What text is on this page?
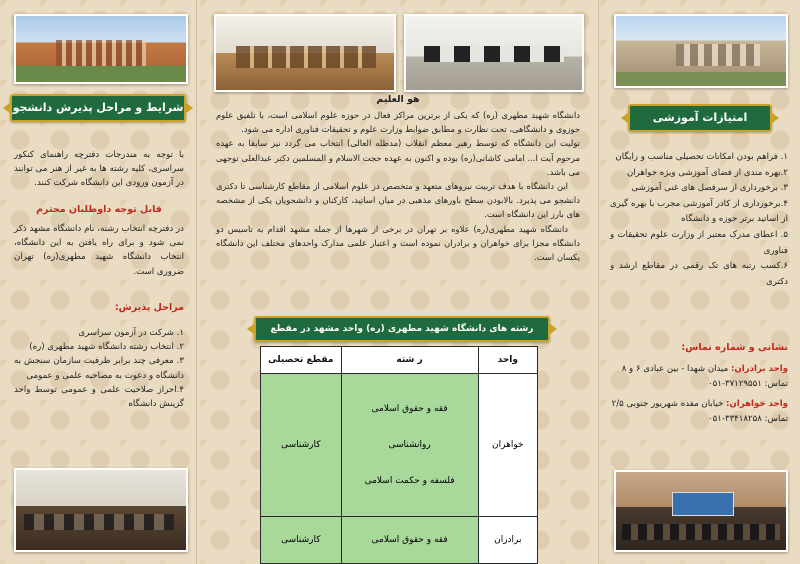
شرایط و مراحل پذیرش دانشجو
با توجه به مندرجات دفترچه راهنمای کنکور سراسری، کلیه رشته ها به غیر از هنر می توانند در آزمون ورودی این دانشگاه شرکت کنند.
قابل توجه داوطلبان محترم
در دفترچه انتخاب رشته، نام دانشگاه مشهد ذکر نمی شود و برای راه یافتن به این دانشگاه، انتخاب دانشگاه شهید مطهری(ره) تهران ضروری است.
مراحل پذیرش:
۱. شرکت در آزمون سراسری
۲. انتخاب رشته دانشگاه شهید مطهری (ره)
۳. معرفی چند برابر ظرفیت سازمان سنجش به دانشگاه و دعوت به مصاحبه علمی و عمومی
۴.احراز صلاحیت علمی و عمومی توسط واحد گزینش دانشگاه
هو العلیم

دانشگاه شهید مطهری (ره) که یکی از برترین مراکز فعال در حوزه علوم اسلامی است، با تلفیق علوم حوزوی و دانشگاهی، تحت نظارت و مطابق ضوابط وزارت علوم و تحقیقات فناوری اداره می شود.

تولیت این دانشگاه که توسط رهبر معظم انقلاب (مدظله العالی) انتخاب می گردد نیز سابقا به عهده مرحوم آیت ا... امامی کاشانی(ره) بوده و اکنون به عهده حجت الاسلام و المسلمین دکتر عبدالعلی توجهی می باشد.

این دانشگاه با هدف تربیت نیروهای متعهد و متخصص در علوم اسلامی از مقاطع کارشناسی تا دکتری دانشجو می پذیرد. بالابودن سطح باورهای مذهبی در میان اساتید، کارکنان و دانشجویان یکی از مشخصه های بارز این دانشگاه است.

دانشگاه شهید مطهری(ره) علاوه بر تهران در برخی از شهرها از جمله مشهد اقدام به تاسیس دو دانشگاه مجزا برای خواهران و برادران نموده است و اعتبار علمی مدارک واحدهای مختلف این دانشگاه یکسان است.

رشته های دانشگاه شهید مطهری (ره) واحد مشهد در مقطع
واحد	ر شته	مقطع تحصیلی
خواهران	فقه و حقوق اسلامی
روانشناسی
فلسفه و حکمت اسلامی	کارشناسی
برادران	فقه و حقوق اسلامی	کارشناسی
امتیازات آموزشی
۱. فراهم بودن امکانات تحصیلی مناسب و رایگان
۲.بهره مندی از فضای آموزشی ویژه خواهران
۳. برخورداری از سرفصل های غنی آموزشی
۴.برخورداری از کادر آموزشی مجرب با بهره گیری از اساتید برتر حوزه و دانشگاه
۵. اعطای مدرک معتبر از وزارت علوم تحقیقات و فناوری
۶.کسب رتبه های تک رقمی در مقاطع ارشد و دکتری
نشانی و شماره تماس:
واحد برادران: میدان شهدا - بین عبادی ۶ و ۸
تماس: ۳۷۱۲۹۵۵۱-۰۵۱
واحد خواهران: خیابان مفده شهریور جنوبی ۲/۵
تماس: ۳۳۴۱۸۲۵۸-۰۵۱
